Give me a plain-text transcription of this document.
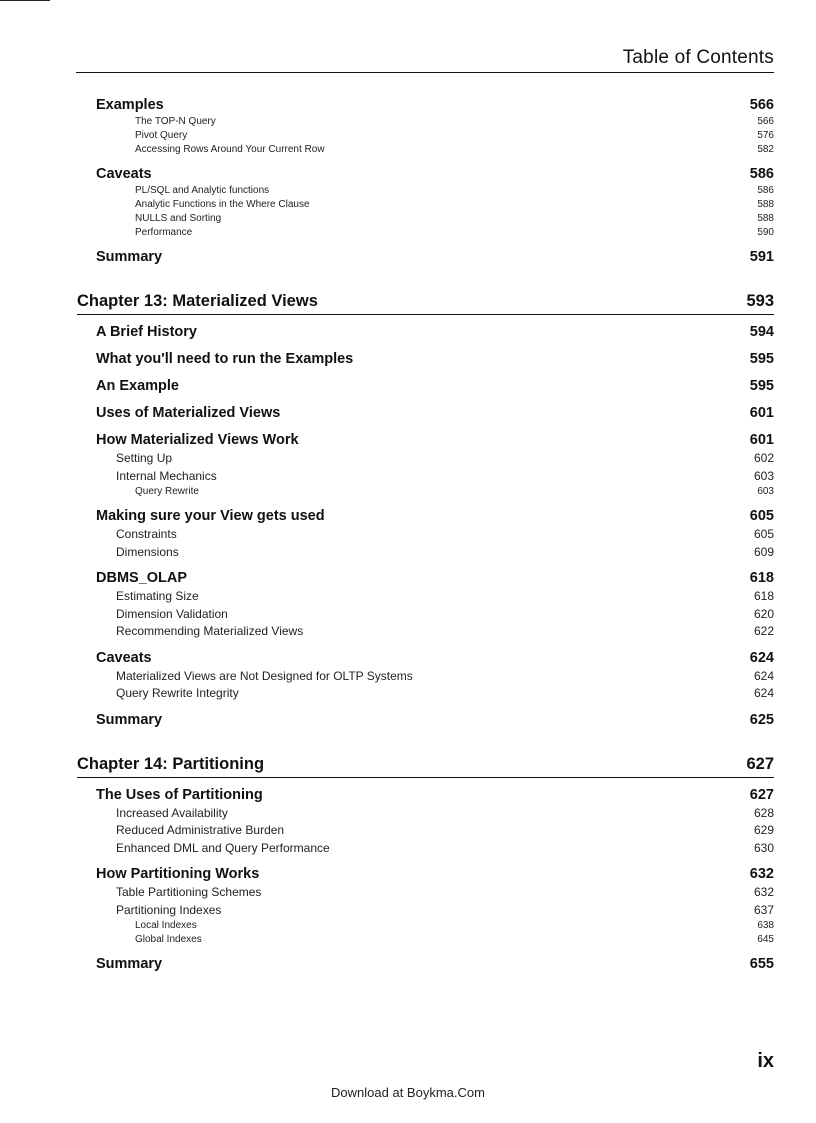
Table of Contents
Examples	566
The TOP-N Query	566
Pivot Query	576
Accessing Rows Around Your Current Row	582
Caveats	586
PL/SQL and Analytic functions	586
Analytic Functions in the Where Clause	588
NULLS and Sorting	588
Performance	590
Summary	591
Chapter 13: Materialized Views	593
A Brief History	594
What you'll need to run the Examples	595
An Example	595
Uses of Materialized Views	601
How Materialized Views Work	601
Setting Up	602
Internal Mechanics	603
Query Rewrite	603
Making sure your View gets used	605
Constraints	605
Dimensions	609
DBMS_OLAP	618
Estimating Size	618
Dimension Validation	620
Recommending Materialized Views	622
Caveats	624
Materialized Views are Not Designed for OLTP Systems	624
Query Rewrite Integrity	624
Summary	625
Chapter 14: Partitioning	627
The Uses of Partitioning	627
Increased Availability	628
Reduced Administrative Burden	629
Enhanced DML and Query Performance	630
How Partitioning Works	632
Table Partitioning Schemes	632
Partitioning Indexes	637
Local Indexes	638
Global Indexes	645
Summary	655
ix
Download at Boykma.Com
